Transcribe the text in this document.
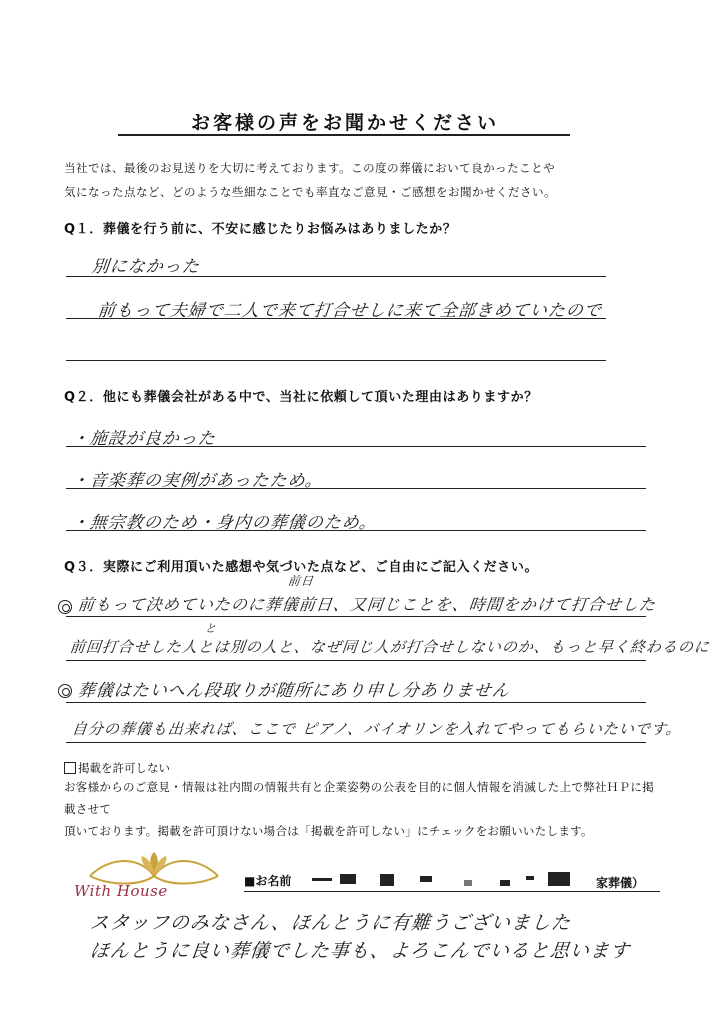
お客様の声をお聞かせください
当社では、最後のお見送りを大切に考えております。この度の葬儀において良かったことや
気になった点など、どのような些細なことでも率直なご意見・ご感想をお聞かせください。
Q１．葬儀を行う前に、不安に感じたりお悩みはありましたか？
別になかった
前もって夫婦で二人で来て打合せしに来て全部きめていたので
Q２．他にも葬儀会社がある中で、当社に依頼して頂いた理由はありますか？
・施設が良かった
・音楽葬の実例があったため。
・無宗教のため・身内の葬儀のため。
Q３．実際にご利用頂いた感想や気づいた点など、ご自由にご記入ください。
前日
前もって決めていたのに葬儀前日、又同じことを、時間をかけて打合せした
と
前回打合せした人とは別の人と、なぜ同じ人が打合せしないのか、もっと早く終わるのに
葬儀はたいへん段取りが随所にあり申し分ありません
自分の葬儀も出来れば、ここで ピアノ、バイオリンを入れてやってもらいたいです。
掲載を許可しない
お客様からのご意見・情報は社内間の情報共有と企業姿勢の公表を目的に個人情報を消滅した上で弊社ＨＰに掲載させて
頂いております。掲載を許可頂けない場合は「掲載を許可しない」にチェックをお願いいたします。
With House
■お名前	家葬儀）
スタッフのみなさん、ほんとうに有難うございました
ほんとうに良い葬儀でした事も、よろこんでいると思います
